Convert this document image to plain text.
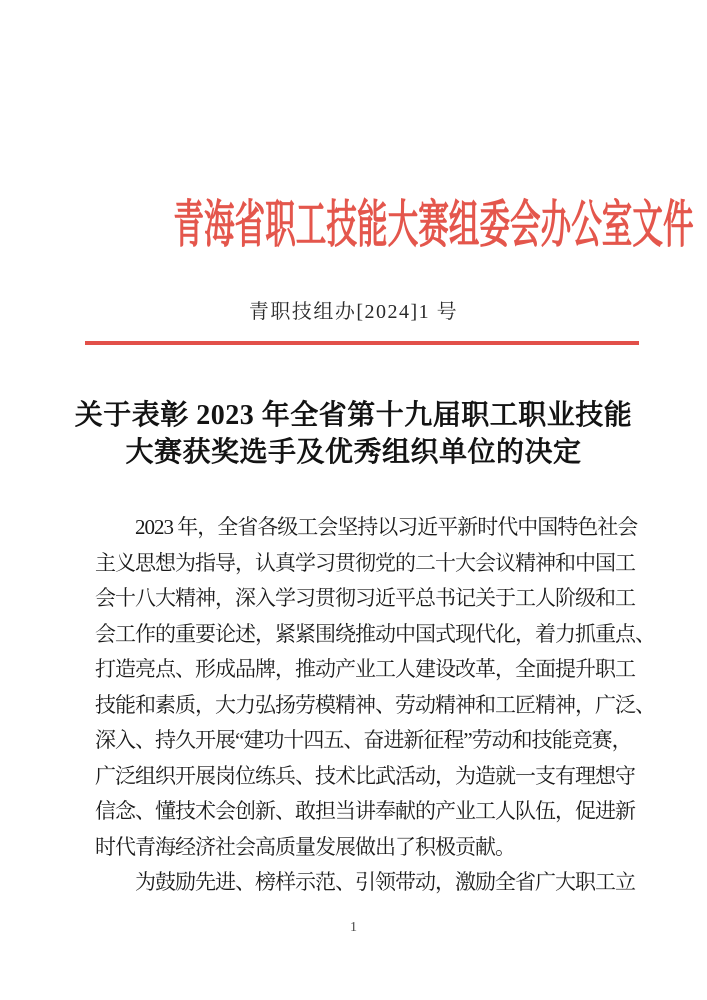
青海省职工技能大赛组委会办公室文件
青职技组办[2024]1 号
关于表彰 2023 年全省第十九届职工职业技能
大赛获奖选手及优秀组织单位的决定
2023 年，全省各级工会坚持以习近平新时代中国特色社会
主义思想为指导，认真学习贯彻党的二十大会议精神和中国工
会十八大精神，深入学习贯彻习近平总书记关于工人阶级和工
会工作的重要论述，紧紧围绕推动中国式现代化，着力抓重点、
打造亮点、形成品牌，推动产业工人建设改革，全面提升职工
技能和素质，大力弘扬劳模精神、劳动精神和工匠精神，广泛、
深入、持久开展“建功十四五、奋进新征程”劳动和技能竞赛，
广泛组织开展岗位练兵、技术比武活动，为造就一支有理想守
信念、懂技术会创新、敢担当讲奉献的产业工人队伍，促进新
时代青海经济社会高质量发展做出了积极贡献。
为鼓励先进、榜样示范、引领带动，激励全省广大职工立
1
